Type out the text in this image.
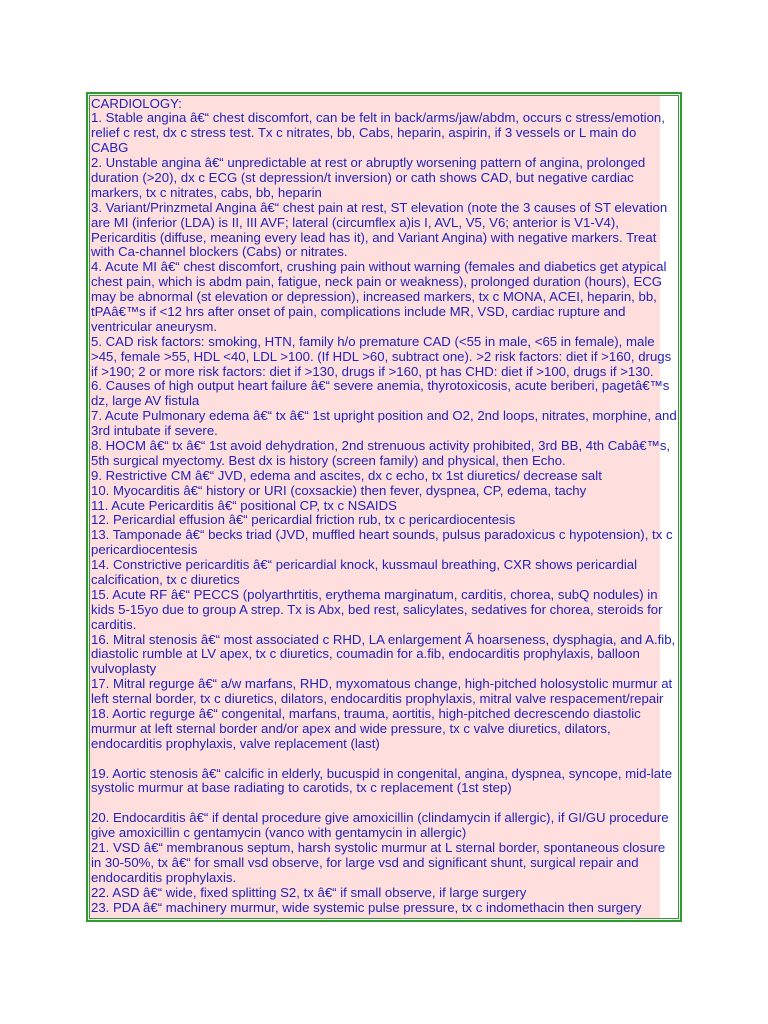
CARDIOLOGY:
1. Stable angina â€“ chest discomfort, can be felt in back/arms/jaw/abdm, occurs c stress/emotion,
relief c rest, dx c stress test. Tx c nitrates, bb, Cabs, heparin, aspirin, if 3 vessels or L main do
CABG
2. Unstable angina â€“ unpredictable at rest or abruptly worsening pattern of angina, prolonged
duration (>20), dx c ECG (st depression/t inversion) or cath shows CAD, but negative cardiac
markers, tx c nitrates, cabs, bb, heparin
3. Variant/Prinzmetal Angina â€“ chest pain at rest, ST elevation (note the 3 causes of ST elevation
are MI (inferior (LDA) is II, III AVF; lateral (circumflex a)is I, AVL, V5, V6; anterior is V1-V4),
Pericarditis (diffuse, meaning every lead has it), and Variant Angina) with negative markers. Treat
with Ca-channel blockers (Cabs) or nitrates.
4. Acute MI â€“ chest discomfort, crushing pain without warning (females and diabetics get atypical
chest pain, which is abdm pain, fatigue, neck pain or weakness), prolonged duration (hours), ECG
may be abnormal (st elevation or depression), increased markers, tx c MONA, ACEI, heparin, bb,
tPAâ€™s if <12 hrs after onset of pain, complications include MR, VSD, cardiac rupture and
ventricular aneurysm.
5. CAD risk factors: smoking, HTN, family h/o premature CAD (<55 in male, <65 in female), male
>45, female >55, HDL <40, LDL >100. (If HDL >60, subtract one). >2 risk factors: diet if >160, drugs
if >190; 2 or more risk factors: diet if >130, drugs if >160, pt has CHD: diet if >100, drugs if >130.
6. Causes of high output heart failure â€“ severe anemia, thyrotoxicosis, acute beriberi, pagetâ€™s
dz, large AV fistula
7. Acute Pulmonary edema â€“ tx â€“ 1st upright position and O2, 2nd loops, nitrates, morphine, and
3rd intubate if severe.
8. HOCM â€“ tx â€“ 1st avoid dehydration, 2nd strenuous activity prohibited, 3rd BB, 4th Cabâ€™s,
5th surgical myectomy. Best dx is history (screen family) and physical, then Echo.
9. Restrictive CM â€“ JVD, edema and ascites, dx c echo, tx 1st diuretics/ decrease salt
10. Myocarditis â€“ history or URI (coxsackie) then fever, dyspnea, CP, edema, tachy
11. Acute Pericarditis â€“ positional CP, tx c NSAIDS
12. Pericardial effusion â€“ pericardial friction rub, tx c pericardiocentesis
13. Tamponade â€“ becks triad (JVD, muffled heart sounds, pulsus paradoxicus c hypotension), tx c
pericardiocentesis
14. Constrictive pericarditis â€“ pericardial knock, kussmaul breathing, CXR shows pericardial
calcification, tx c diuretics
15. Acute RF â€“ PECCS (polyarthrtitis, erythema marginatum, carditis, chorea, subQ nodules) in
kids 5-15yo due to group A strep. Tx is Abx, bed rest, salicylates, sedatives for chorea, steroids for
carditis.
16. Mitral stenosis â€“ most associated c RHD, LA enlargement Ã hoarseness, dysphagia, and A.fib,
diastolic rumble at LV apex, tx c diuretics, coumadin for a.fib, endocarditis prophylaxis, balloon
vulvoplasty
17. Mitral regurge â€“ a/w marfans, RHD, myxomatous change, high-pitched holosystolic murmur at
left sternal border, tx c diuretics, dilators, endocarditis prophylaxis, mitral valve respacement/repair
18. Aortic regurge â€“ congenital, marfans, trauma, aortitis, high-pitched decrescendo diastolic
murmur at left sternal border and/or apex and wide pressure, tx c valve diuretics, dilators,
endocarditis prophylaxis, valve replacement (last)
19. Aortic stenosis â€“ calcific in elderly, bucuspid in congenital, angina, dyspnea, syncope, mid-late
systolic murmur at base radiating to carotids, tx c replacement (1st step)
20. Endocarditis â€“ if dental procedure give amoxicillin (clindamycin if allergic), if GI/GU procedure
give amoxicillin c gentamycin (vanco with gentamycin in allergic)
21. VSD â€“ membranous septum, harsh systolic murmur at L sternal border, spontaneous closure
in 30-50%, tx â€“ for small vsd observe, for large vsd and significant shunt, surgical repair and
endocarditis prophylaxis.
22. ASD â€“ wide, fixed splitting S2, tx â€“ if small observe, if large surgery
23. PDA â€“ machinery murmur, wide systemic pulse pressure, tx c indomethacin then surgery
